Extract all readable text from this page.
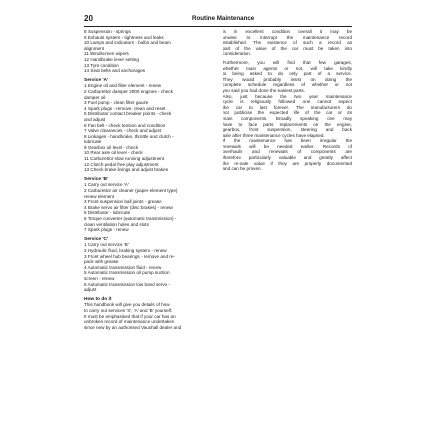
20	Routine Maintenance
8 Suspension - springs
9 Exhaust system - tightness and leaks
10 Lamps and indicators - bulbs and beam
alignment
11 Windscreen wipers
12 Handbrake lever setting
13 Tyre condition
14 Seat belts and anchorages
Service 'A'
1 Engine oil and filter element - renew
2 Carburettor damper 2000 engines - check
damper oil
3 Fuel pump - clean filter gauze
4 Spark plugs - remove, clean and reset
5 Distributor contact breaker points - check
and adjust
6 Fan belt - check tension and condition
7 Valve clearances - check and adjust
8 Linkages - handbrake, throttle and clutch -
lubricate
9 Gearbox oil level - check
10 Rear axle oil level - check
11 Carburettor slow running adjustment
12 Clutch pedal free play adjustment
13 Check brake linings and adjust brakes
Service 'B'
1 Carry out service 'A'
2 Carburettor air cleaner (paper element type)
renew element
3 Front suspension ball joints - grease
4 Brake servo air filter (disc brakes) - renew
5 Distributor - lubricate
6 Torque converter (automatic transmission) -
clean ventilation holes and slots
7 Spark plugs - renew
Service 'C'
1 Carry out service 'B'
2 Hydraulic fluid, braking system - renew
3 Front wheel hub bearings - remove and re-
pack with grease
4 Automatic transmission fluid - renew
5 Automatic transmission oil pump suction
screen - renew
6 Automatic transmission low band servo -
adjust
How to do it
This handbook will give you details of how
to carry out services 'S', 'A' and 'B' yourself.
It must be emphasised that if your car has an
unbroken record of maintenance undertaken
since new by an authorised Vauxhall dealer and
is in excellent condition overall it may be
unwise to interrupt the maintenance record
established. The existence of such a record as
part of the value of the car must be taken into
consideration.
Furthermore, you will find that few garages,
whether main agents or not, will take kindly
to being asked to do only part of a service.
They would probably insist on doing the
complete schedule regardless of whether or not
you said you had done the easiest parts.
Also, just because the two year maintenance
cycle is religiously followed one cannot expect
the car to last forever. The manufacturers do
not publicise the expected life of the car or its
main components. Broadly speaking one may
have to face parts replacements on the engine,
gearbox, front suspension, steering and back
axle after three maintenance cycles have elapsed.
If the maintenance has been irregular the
renewals will be needed earlier. Records of
overhauls and renewals of components are
therefore particularly valuable and greatly affect
the re-sale value if they are properly documented
and can be proven.
